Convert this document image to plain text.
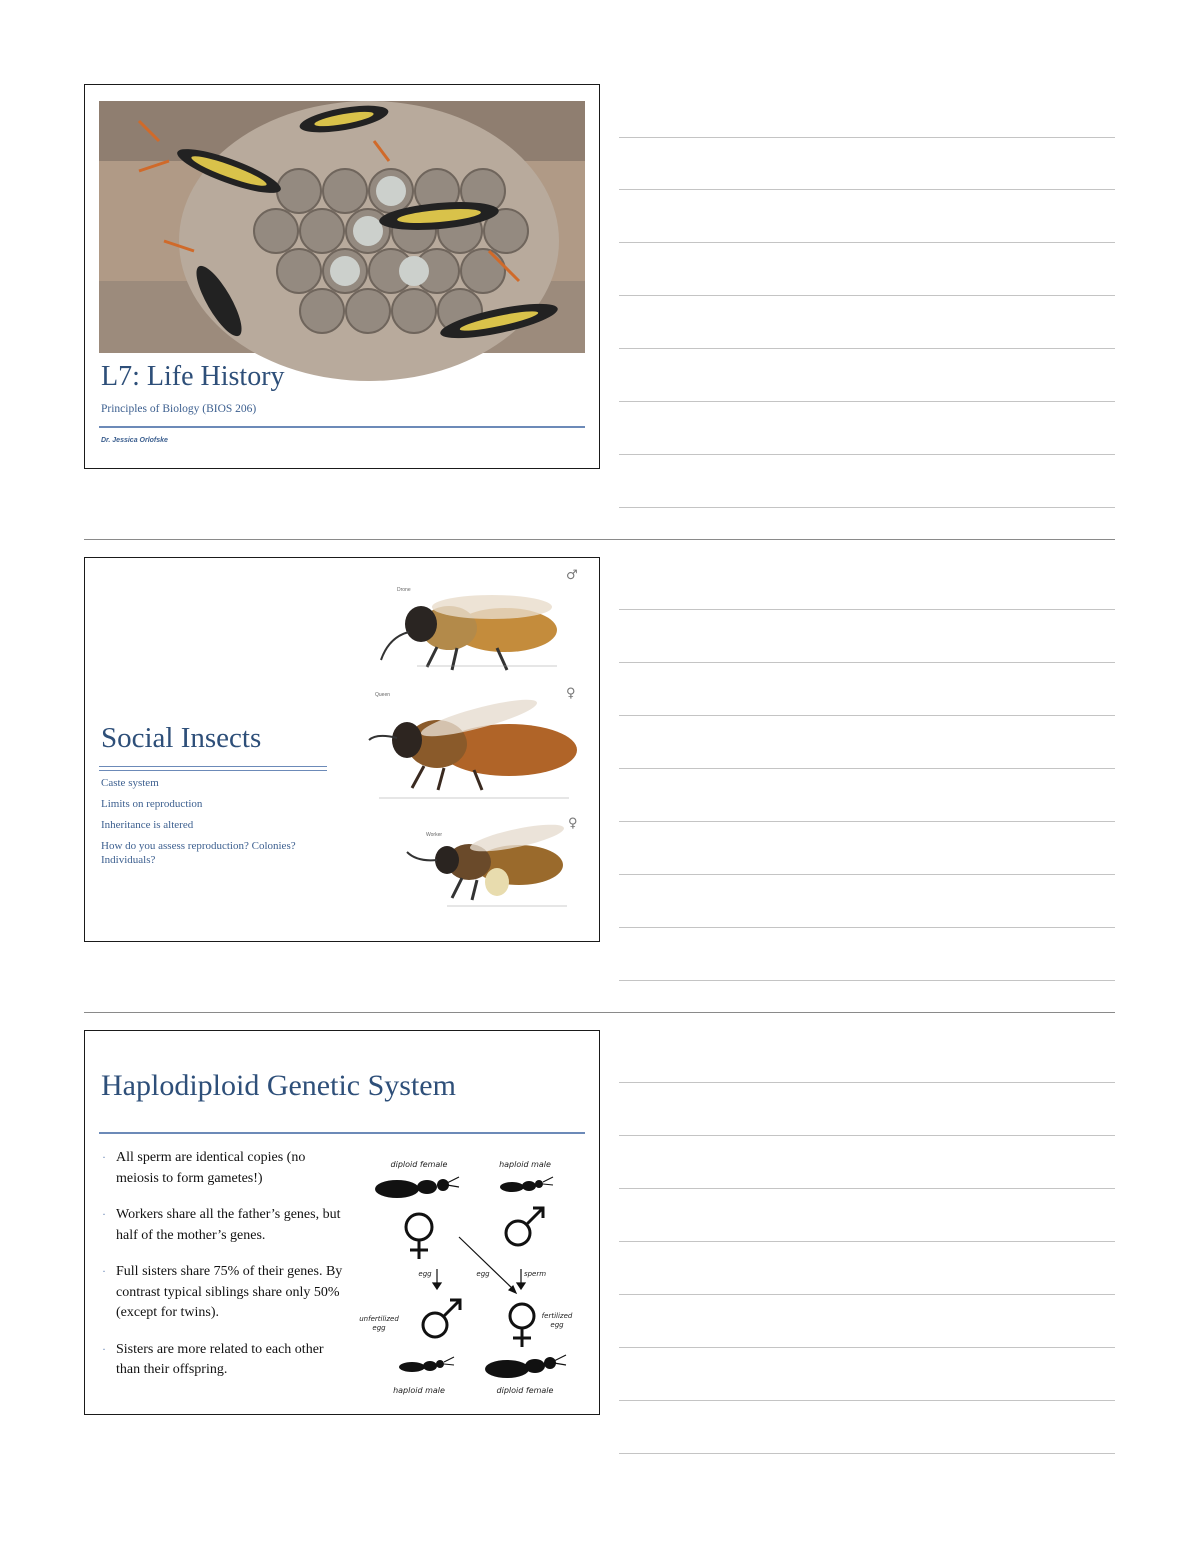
L7: Life History
Principles of Biology (BIOS 206)
Dr. Jessica Orlofske
Social Insects
Caste system
Limits on reproduction
Inheritance is altered
How do you assess reproduction? Colonies? Individuals?
Drone
♂
Queen	♀
Worker
♀
Haplodiploid Genetic System
· All sperm are identical copies (no meiosis to form gametes!)
· Workers share all the father’s genes, but half of the mother’s genes.
· Full sisters share 75% of their genes. By contrast typical siblings share only 50% (except for twins).
· Sisters are more related to each other than their offspring.
diploid female	haploid male
egg	egg	sperm
unfertilized
egg
fertilized
egg
haploid male	diploid female
